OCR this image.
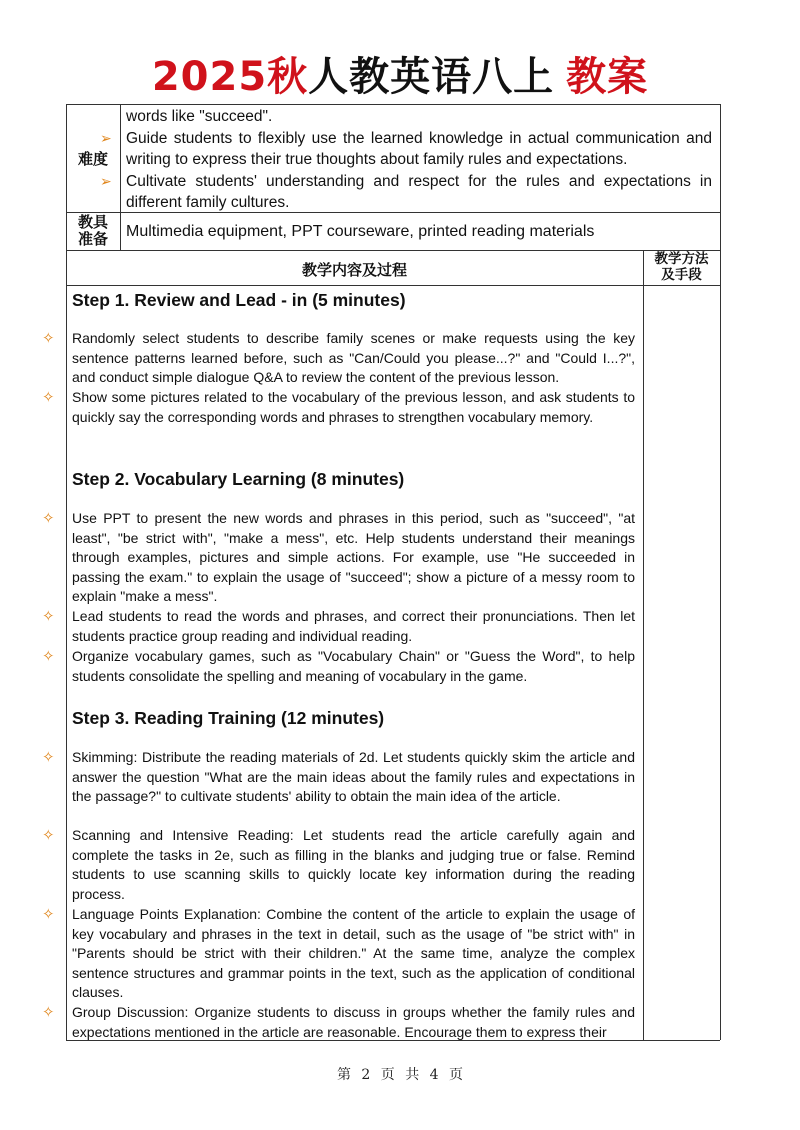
2025秋人教英语八上 教案
难度
words like "succeed".
➢ Guide students to flexibly use the learned knowledge in actual communication and writing to express their true thoughts about family rules and expectations.
➢ Cultivate students' understanding and respect for the rules and expectations in different family cultures.
教具
准备	Multimedia equipment, PPT courseware, printed reading materials
教学内容及过程
教学方法
及手段

Step 1. Review and Lead - in (5 minutes)

✧ Randomly select students to describe family scenes or make requests using the key sentence patterns learned before, such as "Can/Could you please...?" and "Could I...?", and conduct simple dialogue Q&A to review the content of the previous lesson.

✧ Show some pictures related to the vocabulary of the previous lesson, and ask students to quickly say the corresponding words and phrases to strengthen vocabulary memory.

Step 2. Vocabulary Learning (8 minutes)

✧ Use PPT to present the new words and phrases in this period, such as "succeed", "at least", "be strict with", "make a mess", etc. Help students understand their meanings through examples, pictures and simple actions. For example, use "He succeeded in passing the exam." to explain the usage of "succeed"; show a picture of a messy room to explain "make a mess".

✧ Lead students to read the words and phrases, and correct their pronunciations. Then let students practice group reading and individual reading.

✧ Organize vocabulary games, such as "Vocabulary Chain" or "Guess the Word", to help students consolidate the spelling and meaning of vocabulary in the game.

Step 3. Reading Training (12 minutes)

✧ Skimming: Distribute the reading materials of 2d. Let students quickly skim the article and answer the question "What are the main ideas about the family rules and expectations in the passage?" to cultivate students' ability to obtain the main idea of the article.

✧ Scanning and Intensive Reading: Let students read the article carefully again and complete the tasks in 2e, such as filling in the blanks and judging true or false. Remind students to use scanning skills to quickly locate key information during the reading process.

✧ Language Points Explanation: Combine the content of the article to explain the usage of key vocabulary and phrases in the text in detail, such as the usage of "be strict with" in "Parents should be strict with their children." At the same time, analyze the complex sentence structures and grammar points in the text, such as the application of conditional clauses.

✧ Group Discussion: Organize students to discuss in groups whether the family rules and expectations mentioned in the article are reasonable. Encourage them to express their

第 2 页 共 4 页
